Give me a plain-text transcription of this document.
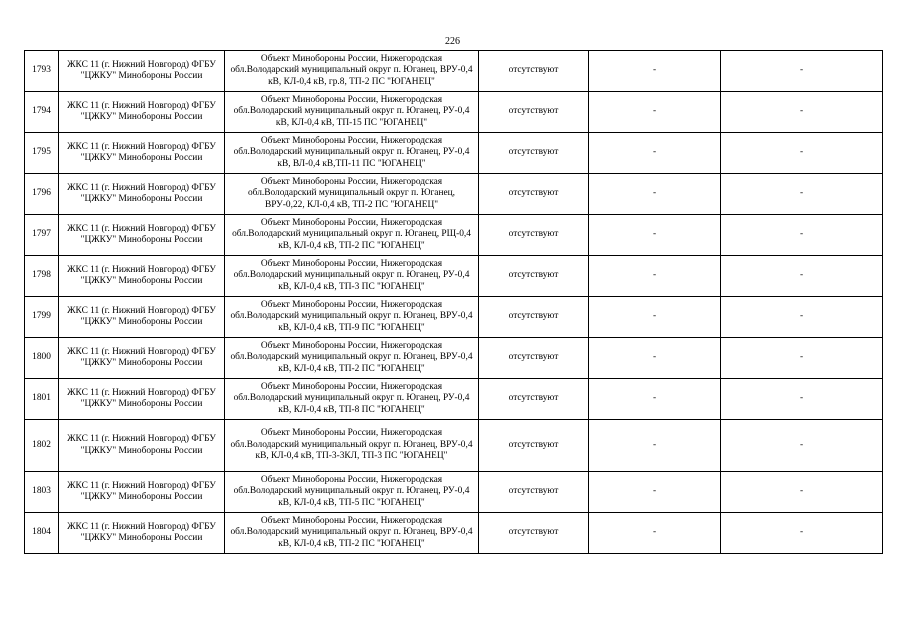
226
1793	ЖКС 11 (г. Нижний Новгород) ФГБУ "ЦЖКУ" Минобороны России	Объект Минобороны России, Нижегородская обл.Володарский муниципальный округ п. Юганец, ВРУ-0,4 кВ, КЛ-0,4 кВ, гр.8, ТП-2 ПС "ЮГАНЕЦ"	отсутствуют	-	-
1794	ЖКС 11 (г. Нижний Новгород) ФГБУ "ЦЖКУ" Минобороны России	Объект Минобороны России, Нижегородская обл.Володарский муниципальный округ п. Юганец, РУ-0,4 кВ, КЛ-0,4 кВ, ТП-15 ПС "ЮГАНЕЦ"	отсутствуют	-	-
1795	ЖКС 11 (г. Нижний Новгород) ФГБУ "ЦЖКУ" Минобороны России	Объект Минобороны России, Нижегородская обл.Володарский муниципальный округ п. Юганец, РУ-0,4 кВ, ВЛ-0,4 кВ,ТП-11 ПС "ЮГАНЕЦ"	отсутствуют	-	-
1796	ЖКС 11 (г. Нижний Новгород) ФГБУ "ЦЖКУ" Минобороны России	Объект Минобороны России, Нижегородская обл.Володарский муниципальный округ п. Юганец, ВРУ-0,22, КЛ-0,4 кВ, ТП-2 ПС "ЮГАНЕЦ"	отсутствуют	-	-
1797	ЖКС 11 (г. Нижний Новгород) ФГБУ "ЦЖКУ" Минобороны России	Объект Минобороны России, Нижегородская обл.Володарский муниципальный округ п. Юганец, РЩ-0,4 кВ, КЛ-0,4 кВ, ТП-2 ПС "ЮГАНЕЦ"	отсутствуют	-	-
1798	ЖКС 11 (г. Нижний Новгород) ФГБУ "ЦЖКУ" Минобороны России	Объект Минобороны России, Нижегородская обл.Володарский муниципальный округ п. Юганец, РУ-0,4 кВ, КЛ-0,4 кВ, ТП-3 ПС "ЮГАНЕЦ"	отсутствуют	-	-
1799	ЖКС 11 (г. Нижний Новгород) ФГБУ "ЦЖКУ" Минобороны России	Объект Минобороны России, Нижегородская обл.Володарский муниципальный округ п. Юганец, ВРУ-0,4 кВ, КЛ-0,4 кВ, ТП-9 ПС "ЮГАНЕЦ"	отсутствуют	-	-
1800	ЖКС 11 (г. Нижний Новгород) ФГБУ "ЦЖКУ" Минобороны России	Объект Минобороны России, Нижегородская обл.Володарский муниципальный округ п. Юганец, ВРУ-0,4 кВ, КЛ-0,4 кВ, ТП-2 ПС "ЮГАНЕЦ"	отсутствуют	-	-
1801	ЖКС 11 (г. Нижний Новгород) ФГБУ "ЦЖКУ" Минобороны России	Объект Минобороны России, Нижегородская обл.Володарский муниципальный округ п. Юганец, РУ-0,4 кВ, КЛ-0,4 кВ, ТП-8 ПС "ЮГАНЕЦ"	отсутствуют	-	-
1802	ЖКС 11 (г. Нижний Новгород) ФГБУ "ЦЖКУ" Минобороны России	Объект Минобороны России, Нижегородская обл.Володарский муниципальный округ п. Юганец, ВРУ-0,4 кВ, КЛ-0,4 кВ, ТП-3-3КЛ, ТП-3 ПС "ЮГАНЕЦ"	отсутствуют	-	-
1803	ЖКС 11 (г. Нижний Новгород) ФГБУ "ЦЖКУ" Минобороны России	Объект Минобороны России, Нижегородская обл.Володарский муниципальный округ п. Юганец, РУ-0,4 кВ, КЛ-0,4 кВ, ТП-5 ПС "ЮГАНЕЦ"	отсутствуют	-	-
1804	ЖКС 11 (г. Нижний Новгород) ФГБУ "ЦЖКУ" Минобороны России	Объект Минобороны России, Нижегородская обл.Володарский муниципальный округ п. Юганец, ВРУ-0,4 кВ, КЛ-0,4 кВ, ТП-2 ПС "ЮГАНЕЦ"	отсутствуют	-	-
